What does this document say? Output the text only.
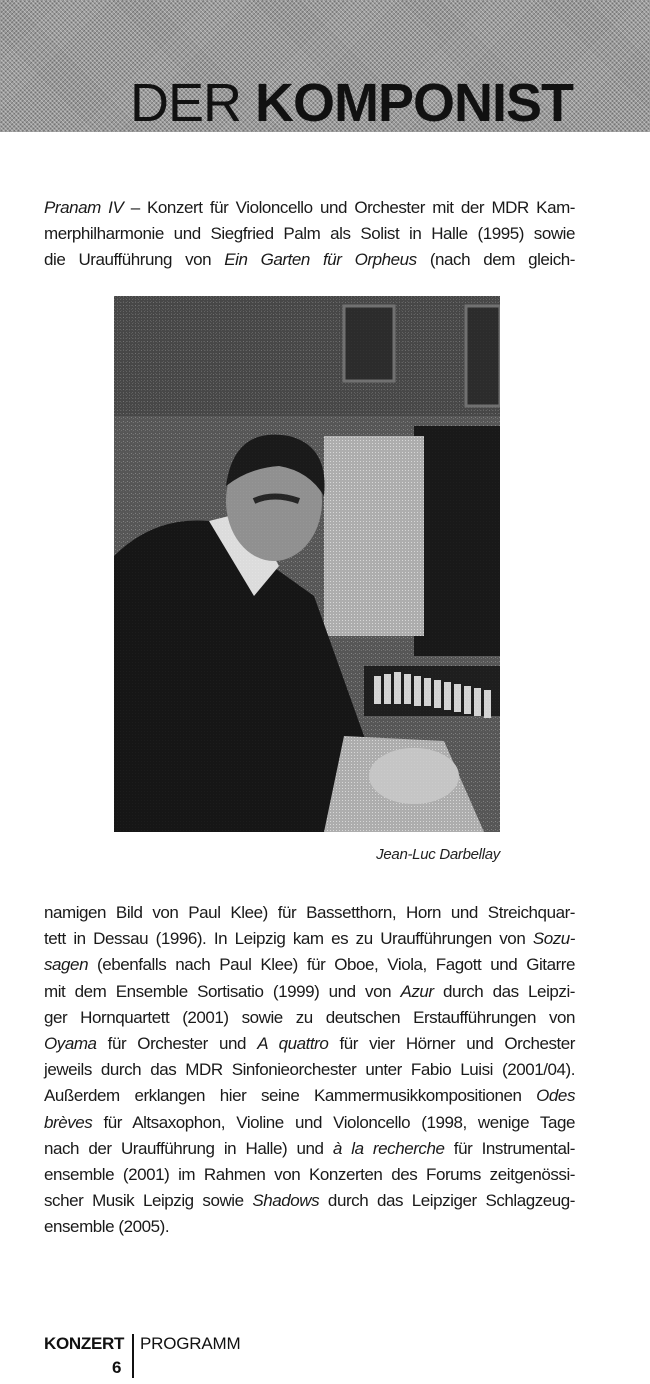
DER KOMPONIST
Pranam IV – Konzert für Violoncello und Orchester mit der MDR Kam-
merphilharmonie und Siegfried Palm als Solist in Halle (1995) sowie
die Uraufführung von Ein Garten für Orpheus (nach dem gleich-
Jean-Luc Darbellay
namigen Bild von Paul Klee) für Bassetthorn, Horn und Streichquar-
tett in Dessau (1996). In Leipzig kam es zu Uraufführungen von Sozu-
sagen (ebenfalls nach Paul Klee) für Oboe, Viola, Fagott und Gitarre
mit dem Ensemble Sortisatio (1999) und von Azur durch das Leipzi-
ger Hornquartett (2001) sowie zu deutschen Erstaufführungen von
Oyama für Orchester und A quattro für vier Hörner und Orchester
jeweils durch das MDR Sinfonieorchester unter Fabio Luisi (2001/04).
Außerdem erklangen hier seine Kammermusikkompositionen Odes
brèves für Altsaxophon, Violine und Violoncello (1998, wenige Tage
nach der Uraufführung in Halle) und à la recherche für Instrumental-
ensemble (2001) im Rahmen von Konzerten des Forums zeitgenössi-
scher Musik Leipzig sowie Shadows durch das Leipziger Schlagzeug-
ensemble (2005).
KONZERT PROGRAMM
6
